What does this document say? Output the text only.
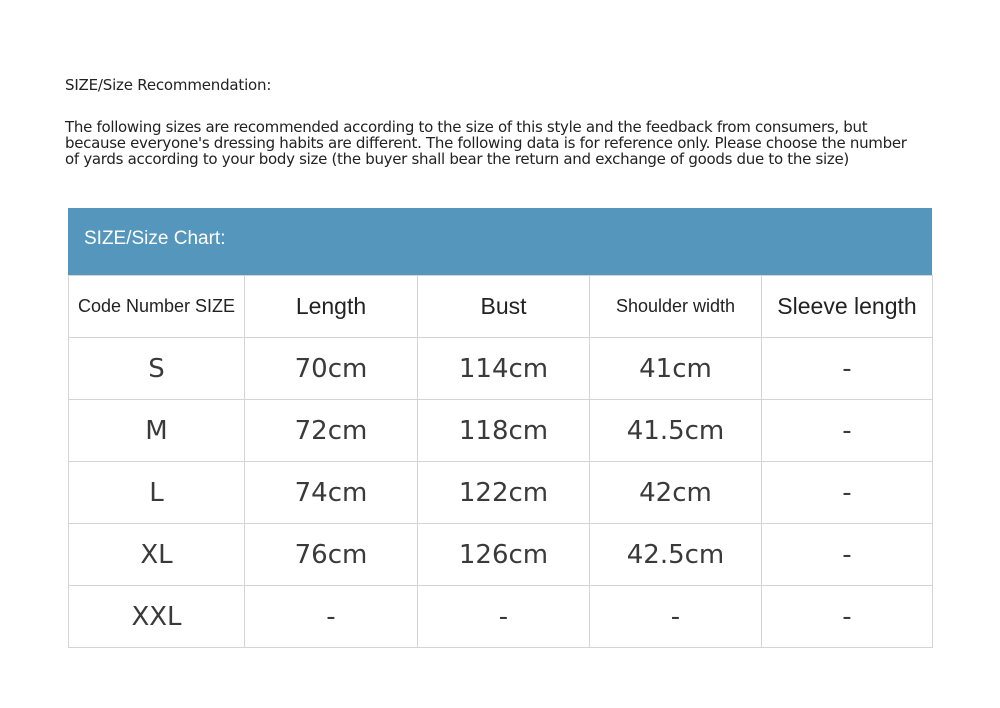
SIZE/Size Recommendation:
The following sizes are recommended according to the size of this style and the feedback from consumers, but because everyone's dressing habits are different. The following data is for reference only. Please choose the number of yards according to your body size (the buyer shall bear the return and exchange of goods due to the size)
SIZE/Size Chart:
Code Number SIZE	Length	Bust	Shoulder width	Sleeve length
S	70cm	114cm	41cm	-
M	72cm	118cm	41.5cm	-
L	74cm	122cm	42cm	-
XL	76cm	126cm	42.5cm	-
XXL	-	-	-	-
